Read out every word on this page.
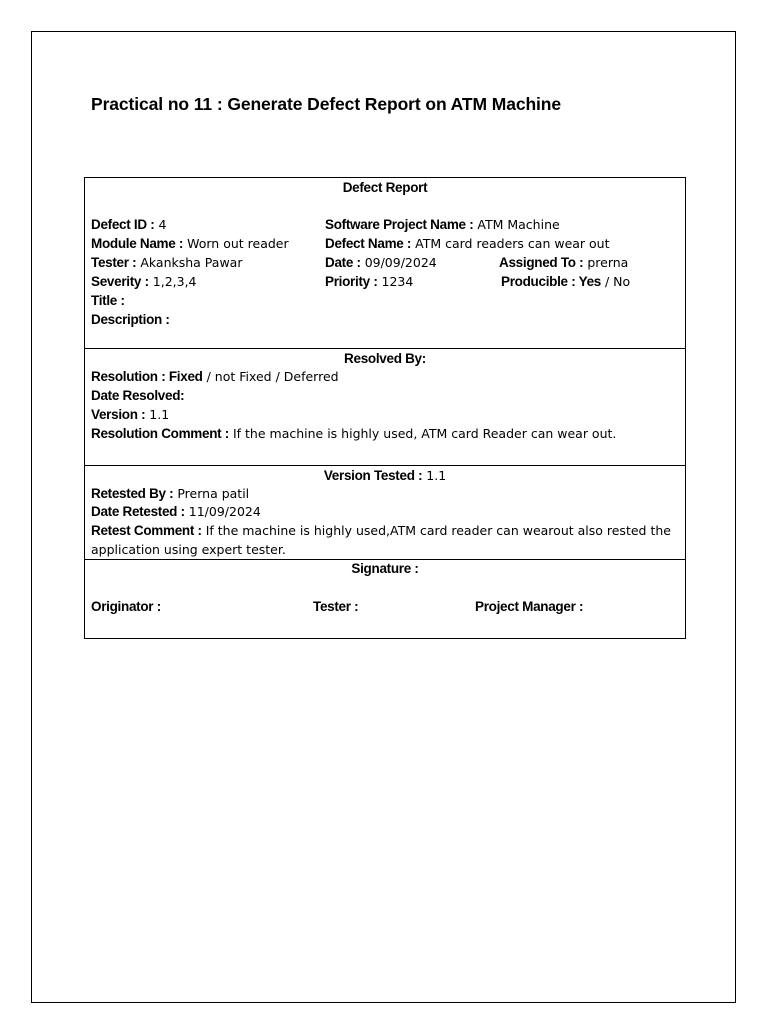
Practical no 11 : Generate Defect Report on ATM Machine
Defect Report
Defect ID : 4	Software Project Name : ATM Machine
Module Name : Worn out reader	Defect Name : ATM card readers can wear out
Tester : Akanksha Pawar	Date : 09/09/2024	Assigned To : prerna
Severity : 1,2,3,4	Priority : 1234	Producible : Yes / No
Title :
Description :
Resolved By:
Resolution : Fixed / not Fixed / Deferred
Date Resolved:
Version : 1.1
Resolution Comment : If the machine is highly used, ATM card Reader can wear out.
Version Tested : 1.1
Retested By : Prerna patil
Date Retested : 11/09/2024
Retest Comment : If the machine is highly used,ATM card reader can wearout also rested the
application using expert tester.
Signature :
Originator :	Tester :	Project Manager :
